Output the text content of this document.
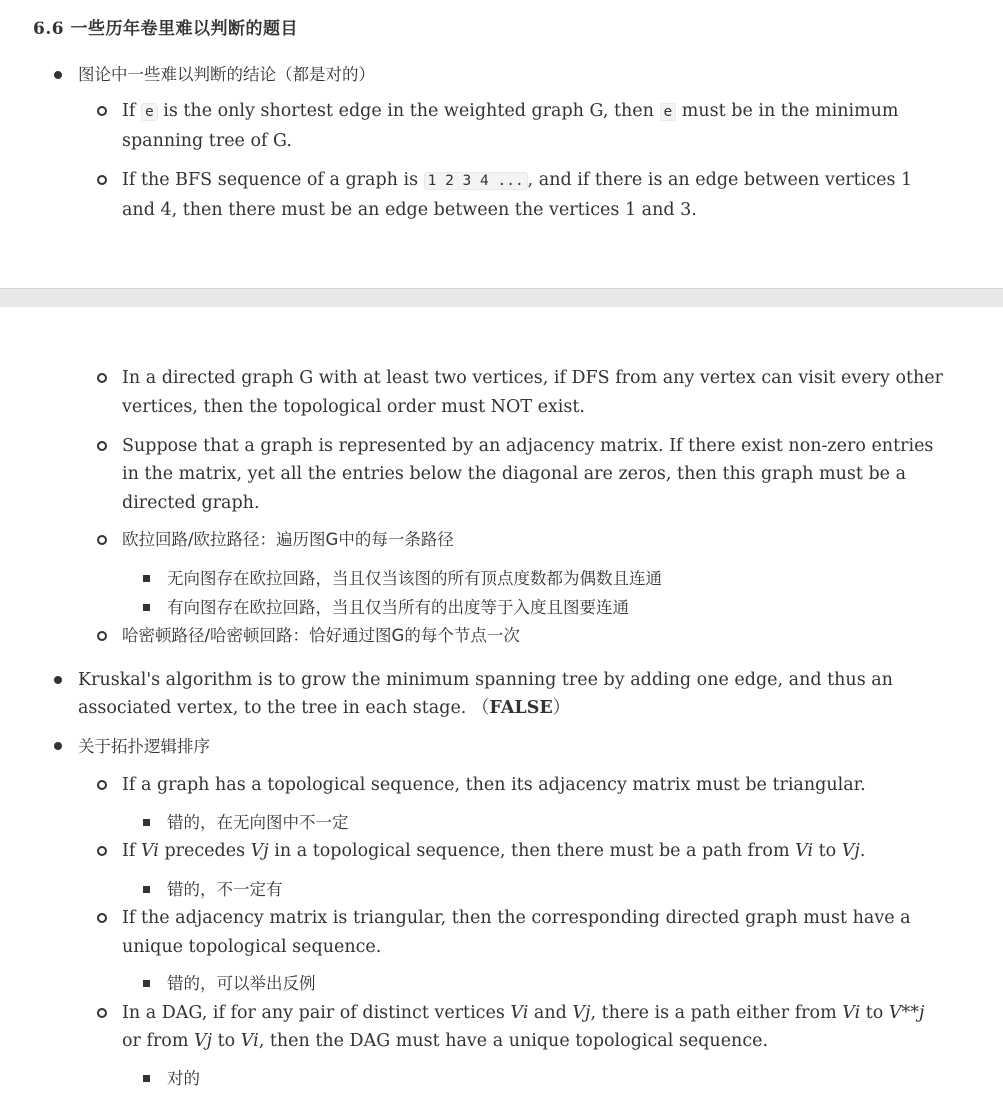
6.6 一些历年卷里难以判断的题目
图论中一些难以判断的结论（都是对的）
If e is the only shortest edge in the weighted graph G, then e must be in the minimum
spanning tree of G.
If the BFS sequence of a graph is 1 2 3 4 ... , and if there is an edge between vertices 1
and 4, then there must be an edge between the vertices 1 and 3.
In a directed graph G with at least two vertices, if DFS from any vertex can visit every other
vertices, then the topological order must NOT exist.
Suppose that a graph is represented by an adjacency matrix. If there exist non-zero entries
in the matrix, yet all the entries below the diagonal are zeros, then this graph must be a
directed graph.
欧拉回路/欧拉路径：遍历图G中的每一条路径
无向图存在欧拉回路，当且仅当该图的所有顶点度数都为偶数且连通
有向图存在欧拉回路，当且仅当所有的出度等于入度且图要连通
哈密顿路径/哈密顿回路：恰好通过图G的每个节点一次
Kruskal's algorithm is to grow the minimum spanning tree by adding one edge, and thus an
associated vertex, to the tree in each stage. （FALSE）
关于拓扑逻辑排序
If a graph has a topological sequence, then its adjacency matrix must be triangular.
错的，在无向图中不一定
If Vi precedes Vj in a topological sequence, then there must be a path from Vi to Vj.
错的，不一定有
If the adjacency matrix is triangular, then the corresponding directed graph must have a
unique topological sequence.
错的，可以举出反例
In a DAG, if for any pair of distinct vertices Vi and Vj, there is a path either from Vi to V**j
or from Vj to Vi, then the DAG must have a unique topological sequence.
对的
